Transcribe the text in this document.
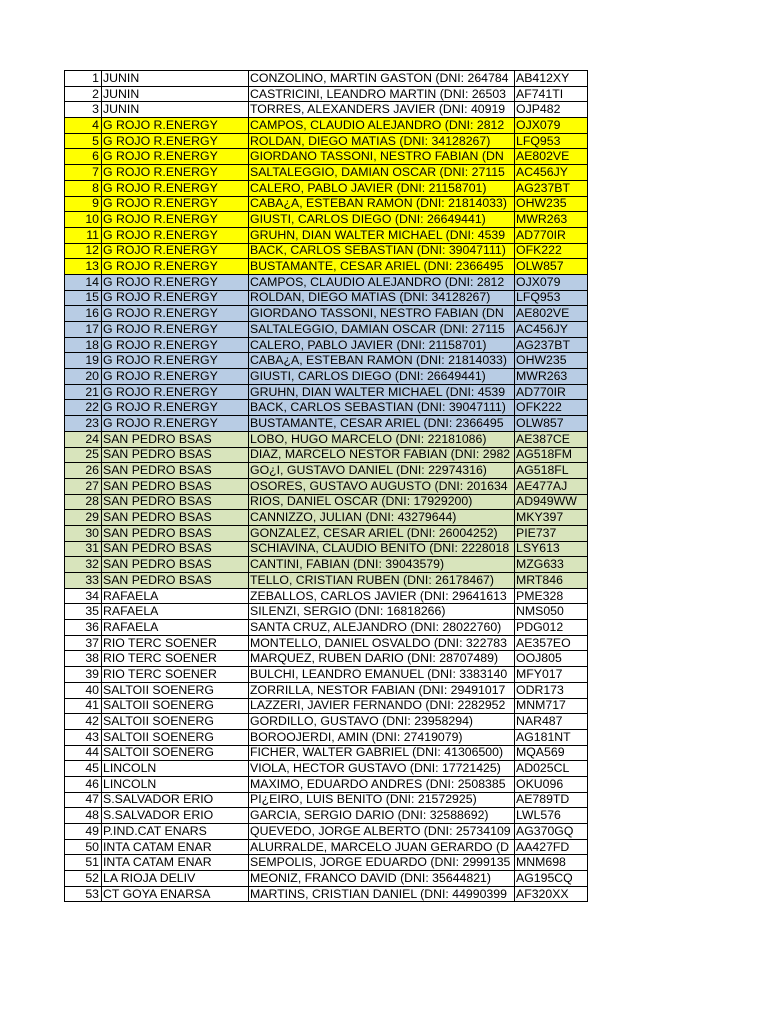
1	JUNIN	CONZOLINO, MARTIN GASTON (DNI: 264784	AB412XY
2	JUNIN	CASTRICINI, LEANDRO MARTIN (DNI: 26503	AF741TI
3	JUNIN	TORRES, ALEXANDERS JAVIER (DNI: 40919	OJP482
4	G ROJO R.ENERGY	CAMPOS, CLAUDIO ALEJANDRO (DNI: 2812	OJX079
5	G ROJO R.ENERGY	ROLDAN, DIEGO MATIAS (DNI: 34128267)	LFQ953
6	G ROJO R.ENERGY	GIORDANO TASSONI, NESTRO FABIAN (DN	AE802VE
7	G ROJO R.ENERGY	SALTALEGGIO, DAMIAN OSCAR (DNI: 27115	AC456JY
8	G ROJO R.ENERGY	CALERO, PABLO JAVIER (DNI: 21158701)	AG237BT
9	G ROJO R.ENERGY	CABA¿A, ESTEBAN RAMON (DNI: 21814033)	OHW235
10	G ROJO R.ENERGY	GIUSTI, CARLOS DIEGO (DNI: 26649441)	MWR263
11	G ROJO R.ENERGY	GRUHN, DIAN WALTER MICHAEL (DNI: 4539	AD770IR
12	G ROJO R.ENERGY	BACK, CARLOS SEBASTIAN (DNI: 39047111)	OFK222
13	G ROJO R.ENERGY	BUSTAMANTE, CESAR ARIEL (DNI: 2366495	OLW857
14	G ROJO R.ENERGY	CAMPOS, CLAUDIO ALEJANDRO (DNI: 2812	OJX079
15	G ROJO R.ENERGY	ROLDAN, DIEGO MATIAS (DNI: 34128267)	LFQ953
16	G ROJO R.ENERGY	GIORDANO TASSONI, NESTRO FABIAN (DN	AE802VE
17	G ROJO R.ENERGY	SALTALEGGIO, DAMIAN OSCAR (DNI: 27115	AC456JY
18	G ROJO R.ENERGY	CALERO, PABLO JAVIER (DNI: 21158701)	AG237BT
19	G ROJO R.ENERGY	CABA¿A, ESTEBAN RAMON (DNI: 21814033)	OHW235
20	G ROJO R.ENERGY	GIUSTI, CARLOS DIEGO (DNI: 26649441)	MWR263
21	G ROJO R.ENERGY	GRUHN, DIAN WALTER MICHAEL (DNI: 4539	AD770IR
22	G ROJO R.ENERGY	BACK, CARLOS SEBASTIAN (DNI: 39047111)	OFK222
23	G ROJO R.ENERGY	BUSTAMANTE, CESAR ARIEL (DNI: 2366495	OLW857
24	SAN PEDRO BSAS	LOBO, HUGO MARCELO (DNI: 22181086)	AE387CE
25	SAN PEDRO BSAS	DIAZ, MARCELO NESTOR FABIAN (DNI: 2982	AG518FM
26	SAN PEDRO BSAS	GO¿I, GUSTAVO DANIEL (DNI: 22974316)	AG518FL
27	SAN PEDRO BSAS	OSORES, GUSTAVO AUGUSTO (DNI: 201634	AE477AJ
28	SAN PEDRO BSAS	RIOS, DANIEL OSCAR (DNI: 17929200)	AD949WW
29	SAN PEDRO BSAS	CANNIZZO, JULIAN (DNI: 43279644)	MKY397
30	SAN PEDRO BSAS	GONZALEZ, CESAR ARIEL (DNI: 26004252)	PIE737
31	SAN PEDRO BSAS	SCHIAVINA, CLAUDIO BENITO (DNI: 2228018	LSY613
32	SAN PEDRO BSAS	CANTINI, FABIAN (DNI: 39043579)	MZG633
33	SAN PEDRO BSAS	TELLO, CRISTIAN RUBEN (DNI: 26178467)	MRT846
34	RAFAELA	ZEBALLOS, CARLOS JAVIER (DNI: 29641613	PME328
35	RAFAELA	SILENZI, SERGIO (DNI: 16818266)	NMS050
36	RAFAELA	SANTA CRUZ, ALEJANDRO (DNI: 28022760)	PDG012
37	RIO TERC SOENER	MONTELLO, DANIEL OSVALDO (DNI: 322783	AE357EO
38	RIO TERC SOENER	MARQUEZ, RUBEN DARIO (DNI: 28707489)	OOJ805
39	RIO TERC SOENER	BULCHI, LEANDRO EMANUEL (DNI: 3383140	MFY017
40	SALTOII SOENERG	ZORRILLA, NESTOR FABIAN (DNI: 29491017	ODR173
41	SALTOII SOENERG	LAZZERI, JAVIER FERNANDO (DNI: 2282952	MNM717
42	SALTOII SOENERG	GORDILLO, GUSTAVO (DNI: 23958294)	NAR487
43	SALTOII SOENERG	BOROOJERDI, AMIN (DNI: 27419079)	AG181NT
44	SALTOII SOENERG	FICHER, WALTER GABRIEL (DNI: 41306500)	MQA569
45	LINCOLN	VIOLA, HECTOR GUSTAVO (DNI: 17721425)	AD025CL
46	LINCOLN	MAXIMO, EDUARDO ANDRES (DNI: 2508385	OKU096
47	S.SALVADOR ERIO	PI¿EIRO, LUIS BENITO (DNI: 21572925)	AE789TD
48	S.SALVADOR ERIO	GARCIA, SERGIO DARIO (DNI: 32588692)	LWL576
49	P.IND.CAT ENARS	QUEVEDO, JORGE ALBERTO (DNI: 25734109	AG370GQ
50	INTA CATAM ENAR	ALURRALDE, MARCELO JUAN GERARDO (D	AA427FD
51	INTA CATAM ENAR	SEMPOLIS, JORGE EDUARDO (DNI: 2999135	MNM698
52	LA RIOJA DELIV	MEONIZ, FRANCO DAVID (DNI: 35644821)	AG195CQ
53	CT GOYA ENARSA	MARTINS, CRISTIAN DANIEL (DNI: 44990399	AF320XX
